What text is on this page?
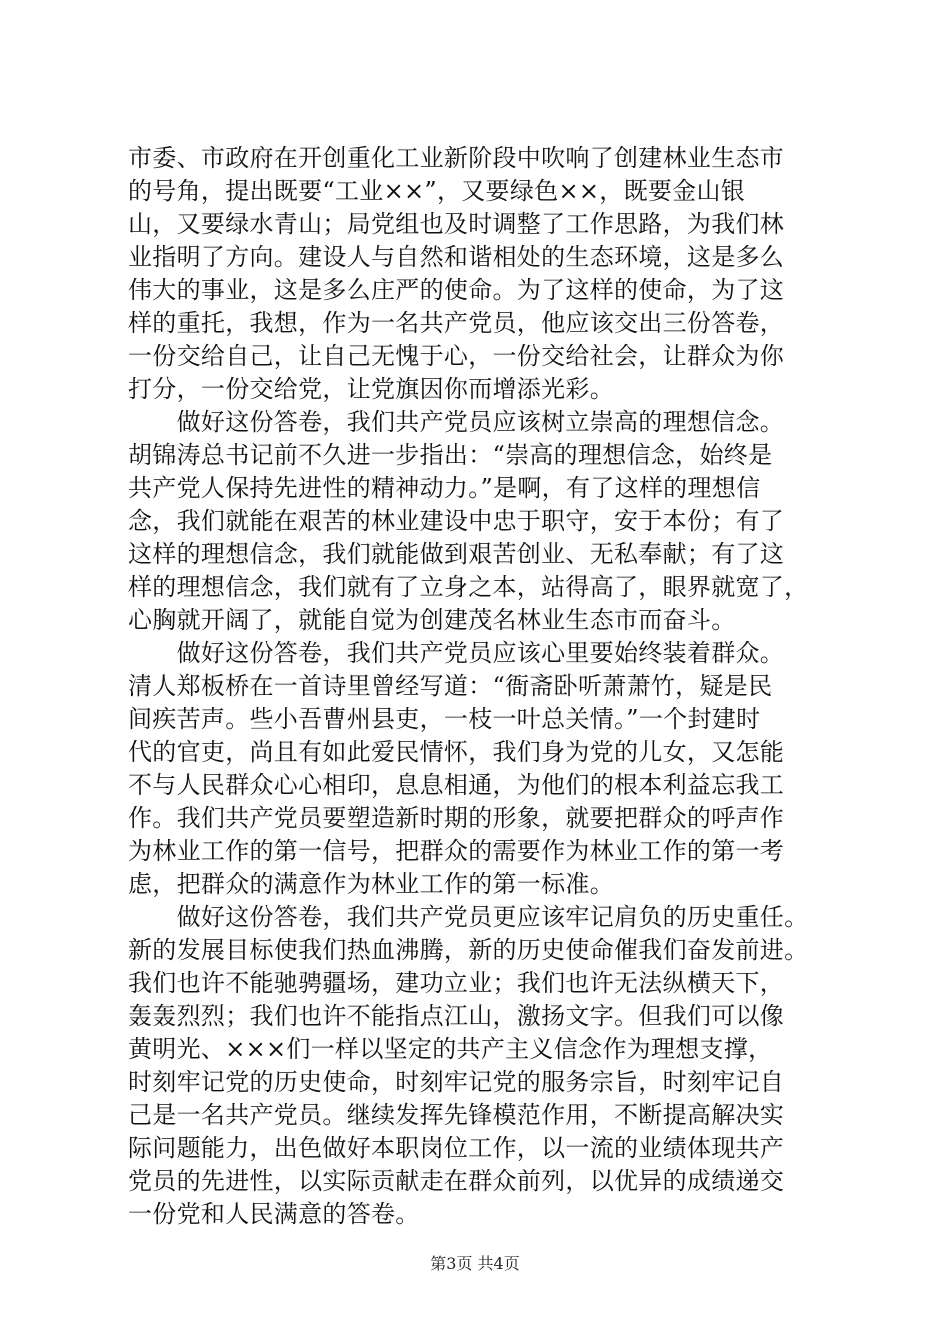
市委、市政府在开创重化工业新阶段中吹响了创建林业生态市
的号角，提出既要“工业××”，又要绿色××，既要金山银
山，又要绿水青山；局党组也及时调整了工作思路，为我们林
业指明了方向。建设人与自然和谐相处的生态环境，这是多么
伟大的事业，这是多么庄严的使命。为了这样的使命，为了这
样的重托，我想，作为一名共产党员，他应该交出三份答卷，
一份交给自己，让自己无愧于心，一份交给社会，让群众为你
打分，一份交给党，让党旗因你而增添光彩。
　　做好这份答卷，我们共产党员应该树立崇高的理想信念。
胡锦涛总书记前不久进一步指出：“崇高的理想信念，始终是
共产党人保持先进性的精神动力。”是啊，有了这样的理想信
念，我们就能在艰苦的林业建设中忠于职守，安于本份；有了
这样的理想信念，我们就能做到艰苦创业、无私奉献；有了这
样的理想信念，我们就有了立身之本，站得高了，眼界就宽了，
心胸就开阔了，就能自觉为创建茂名林业生态市而奋斗。
　　做好这份答卷，我们共产党员应该心里要始终装着群众。
清人郑板桥在一首诗里曾经写道：“衙斋卧听萧萧竹，疑是民
间疾苦声。些小吾曹州县吏，一枝一叶总关情。”一个封建时
代的官吏，尚且有如此爱民情怀，我们身为党的儿女，又怎能
不与人民群众心心相印，息息相通，为他们的根本利益忘我工
作。我们共产党员要塑造新时期的形象，就要把群众的呼声作
为林业工作的第一信号，把群众的需要作为林业工作的第一考
虑，把群众的满意作为林业工作的第一标准。
　　做好这份答卷，我们共产党员更应该牢记肩负的历史重任。
新的发展目标使我们热血沸腾，新的历史使命催我们奋发前进。
我们也许不能驰骋疆场，建功立业；我们也许无法纵横天下，
轰轰烈烈；我们也许不能指点江山，激扬文字。但我们可以像
黄明光、×××们一样以坚定的共产主义信念作为理想支撑，
时刻牢记党的历史使命，时刻牢记党的服务宗旨，时刻牢记自
己是一名共产党员。继续发挥先锋模范作用，不断提高解决实
际问题能力，出色做好本职岗位工作，以一流的业绩体现共产
党员的先进性，以实际贡献走在群众前列，以优异的成绩递交
一份党和人民满意的答卷。
第3页 共4页
